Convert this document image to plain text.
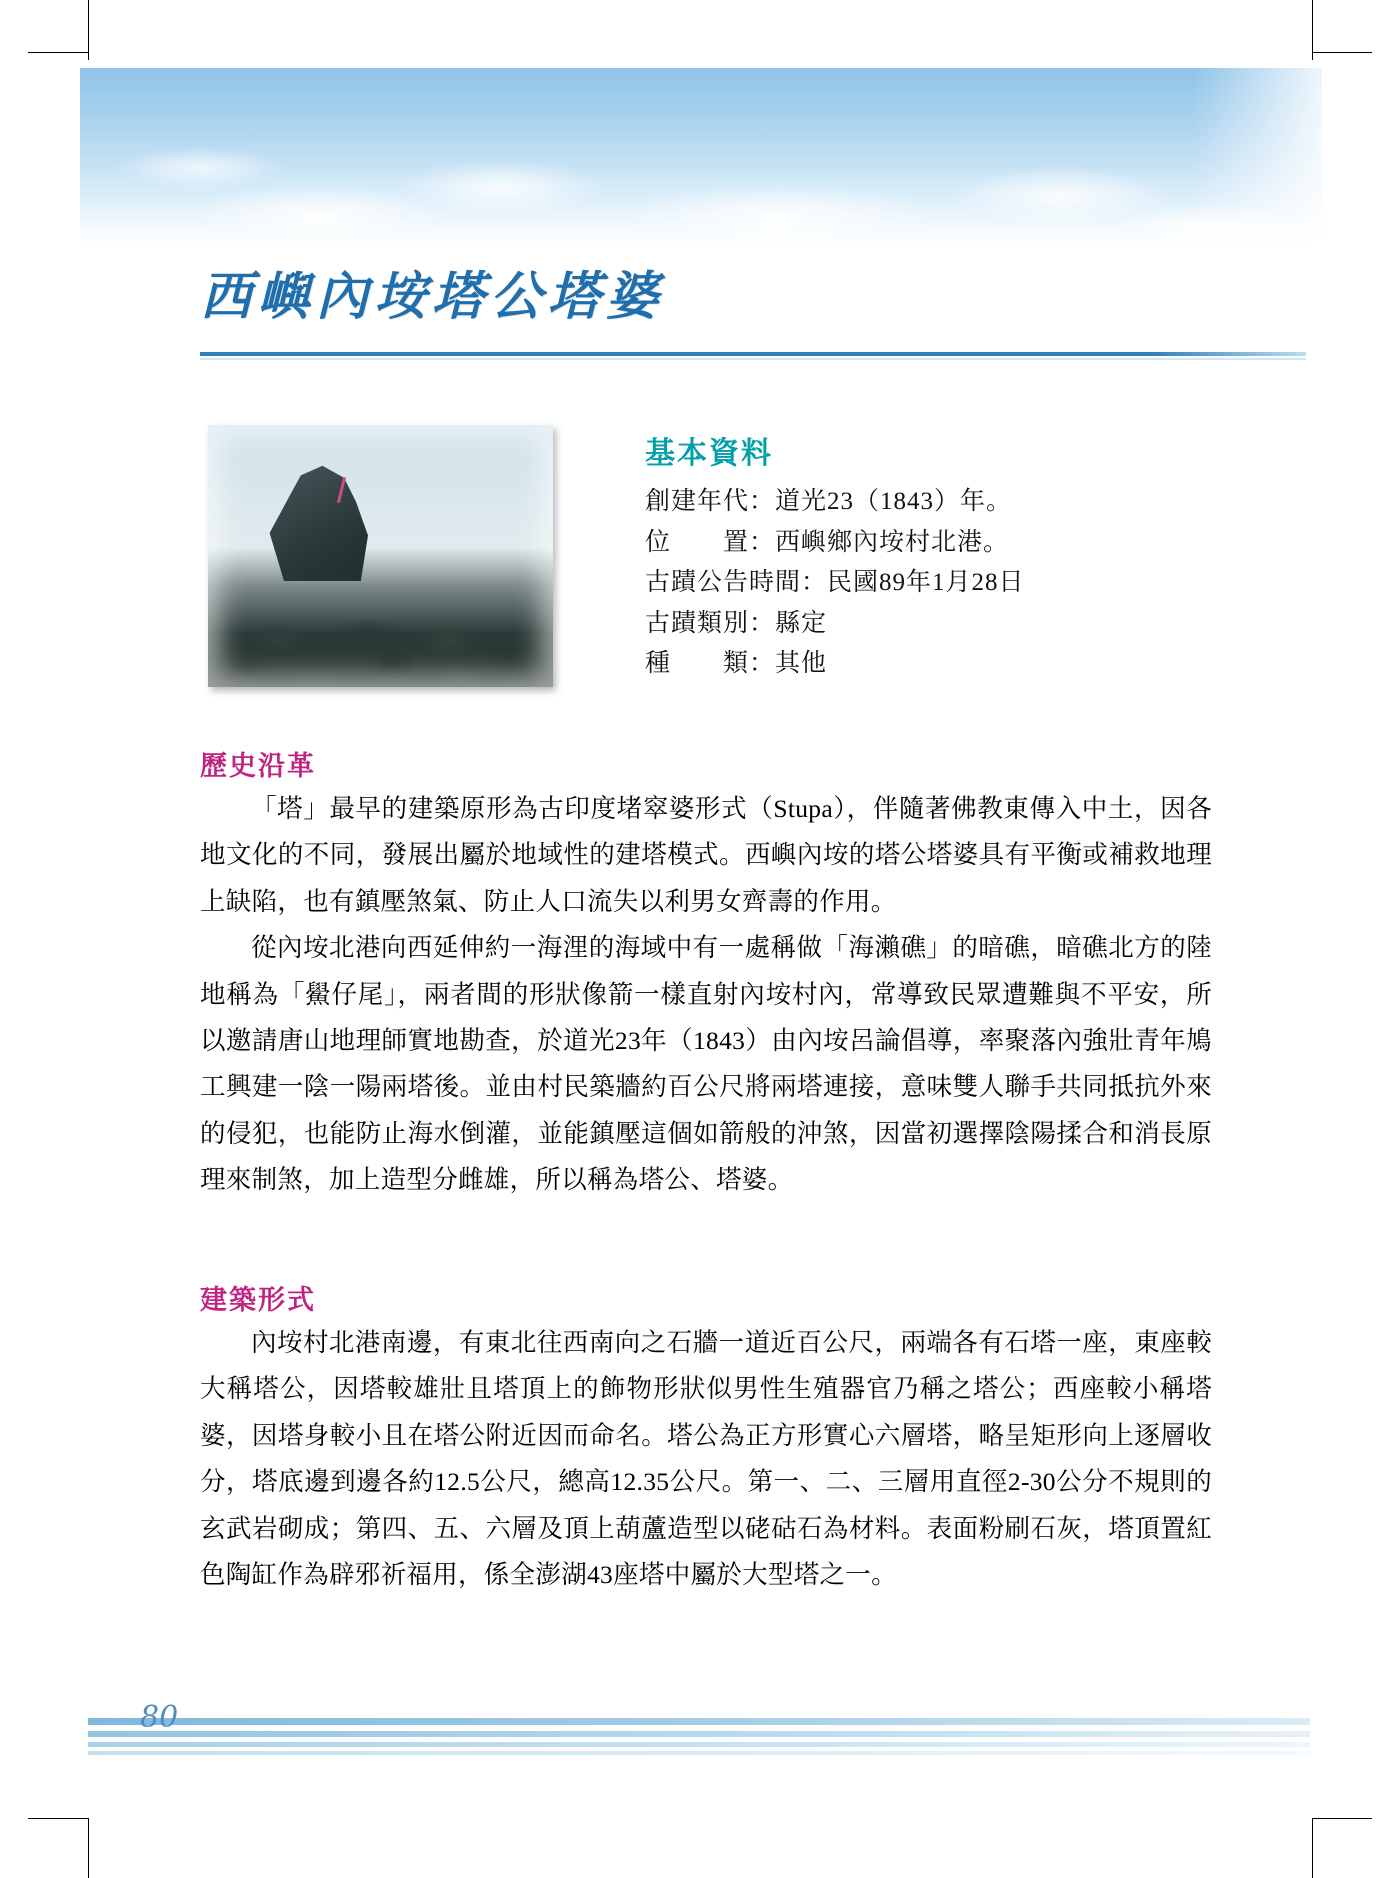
西嶼內垵塔公塔婆
基本資料
創建年代：道光23（1843）年。
位　　置：西嶼鄉內垵村北港。
古蹟公告時間：民國89年1月28日
古蹟類別：縣定
種　　類：其他
歷史沿革

「塔」最早的建築原形為古印度堵窣婆形式（Stupa），伴隨著佛教東傳入中土，因各地文化的不同，發展出屬於地域性的建塔模式。西嶼內垵的塔公塔婆具有平衡或補救地理上缺陷，也有鎮壓煞氣、防止人口流失以利男女齊壽的作用。

從內垵北港向西延伸約一海浬的海域中有一處稱做「海瀨礁」的暗礁，暗礁北方的陸地稱為「鱟仔尾」，兩者間的形狀像箭一樣直射內垵村內，常導致民眾遭難與不平安，所以邀請唐山地理師實地勘查，於道光23年（1843）由內垵呂論倡導，率聚落內強壯青年鳩工興建一陰一陽兩塔後。並由村民築牆約百公尺將兩塔連接，意味雙人聯手共同抵抗外來的侵犯，也能防止海水倒灌，並能鎮壓這個如箭般的沖煞，因當初選擇陰陽揉合和消長原理來制煞，加上造型分雌雄，所以稱為塔公、塔婆。

建築形式

內垵村北港南邊，有東北往西南向之石牆一道近百公尺，兩端各有石塔一座，東座較大稱塔公，因塔較雄壯且塔頂上的飾物形狀似男性生殖器官乃稱之塔公；西座較小稱塔婆，因塔身較小且在塔公附近因而命名。塔公為正方形實心六層塔，略呈矩形向上逐層收分，塔底邊到邊各約12.5公尺，總高12.35公尺。第一、二、三層用直徑2-30公分不規則的玄武岩砌成；第四、五、六層及頂上葫蘆造型以硓𥑮石為材料。表面粉刷石灰，塔頂置紅色陶缸作為辟邪祈福用，係全澎湖43座塔中屬於大型塔之一。

80
